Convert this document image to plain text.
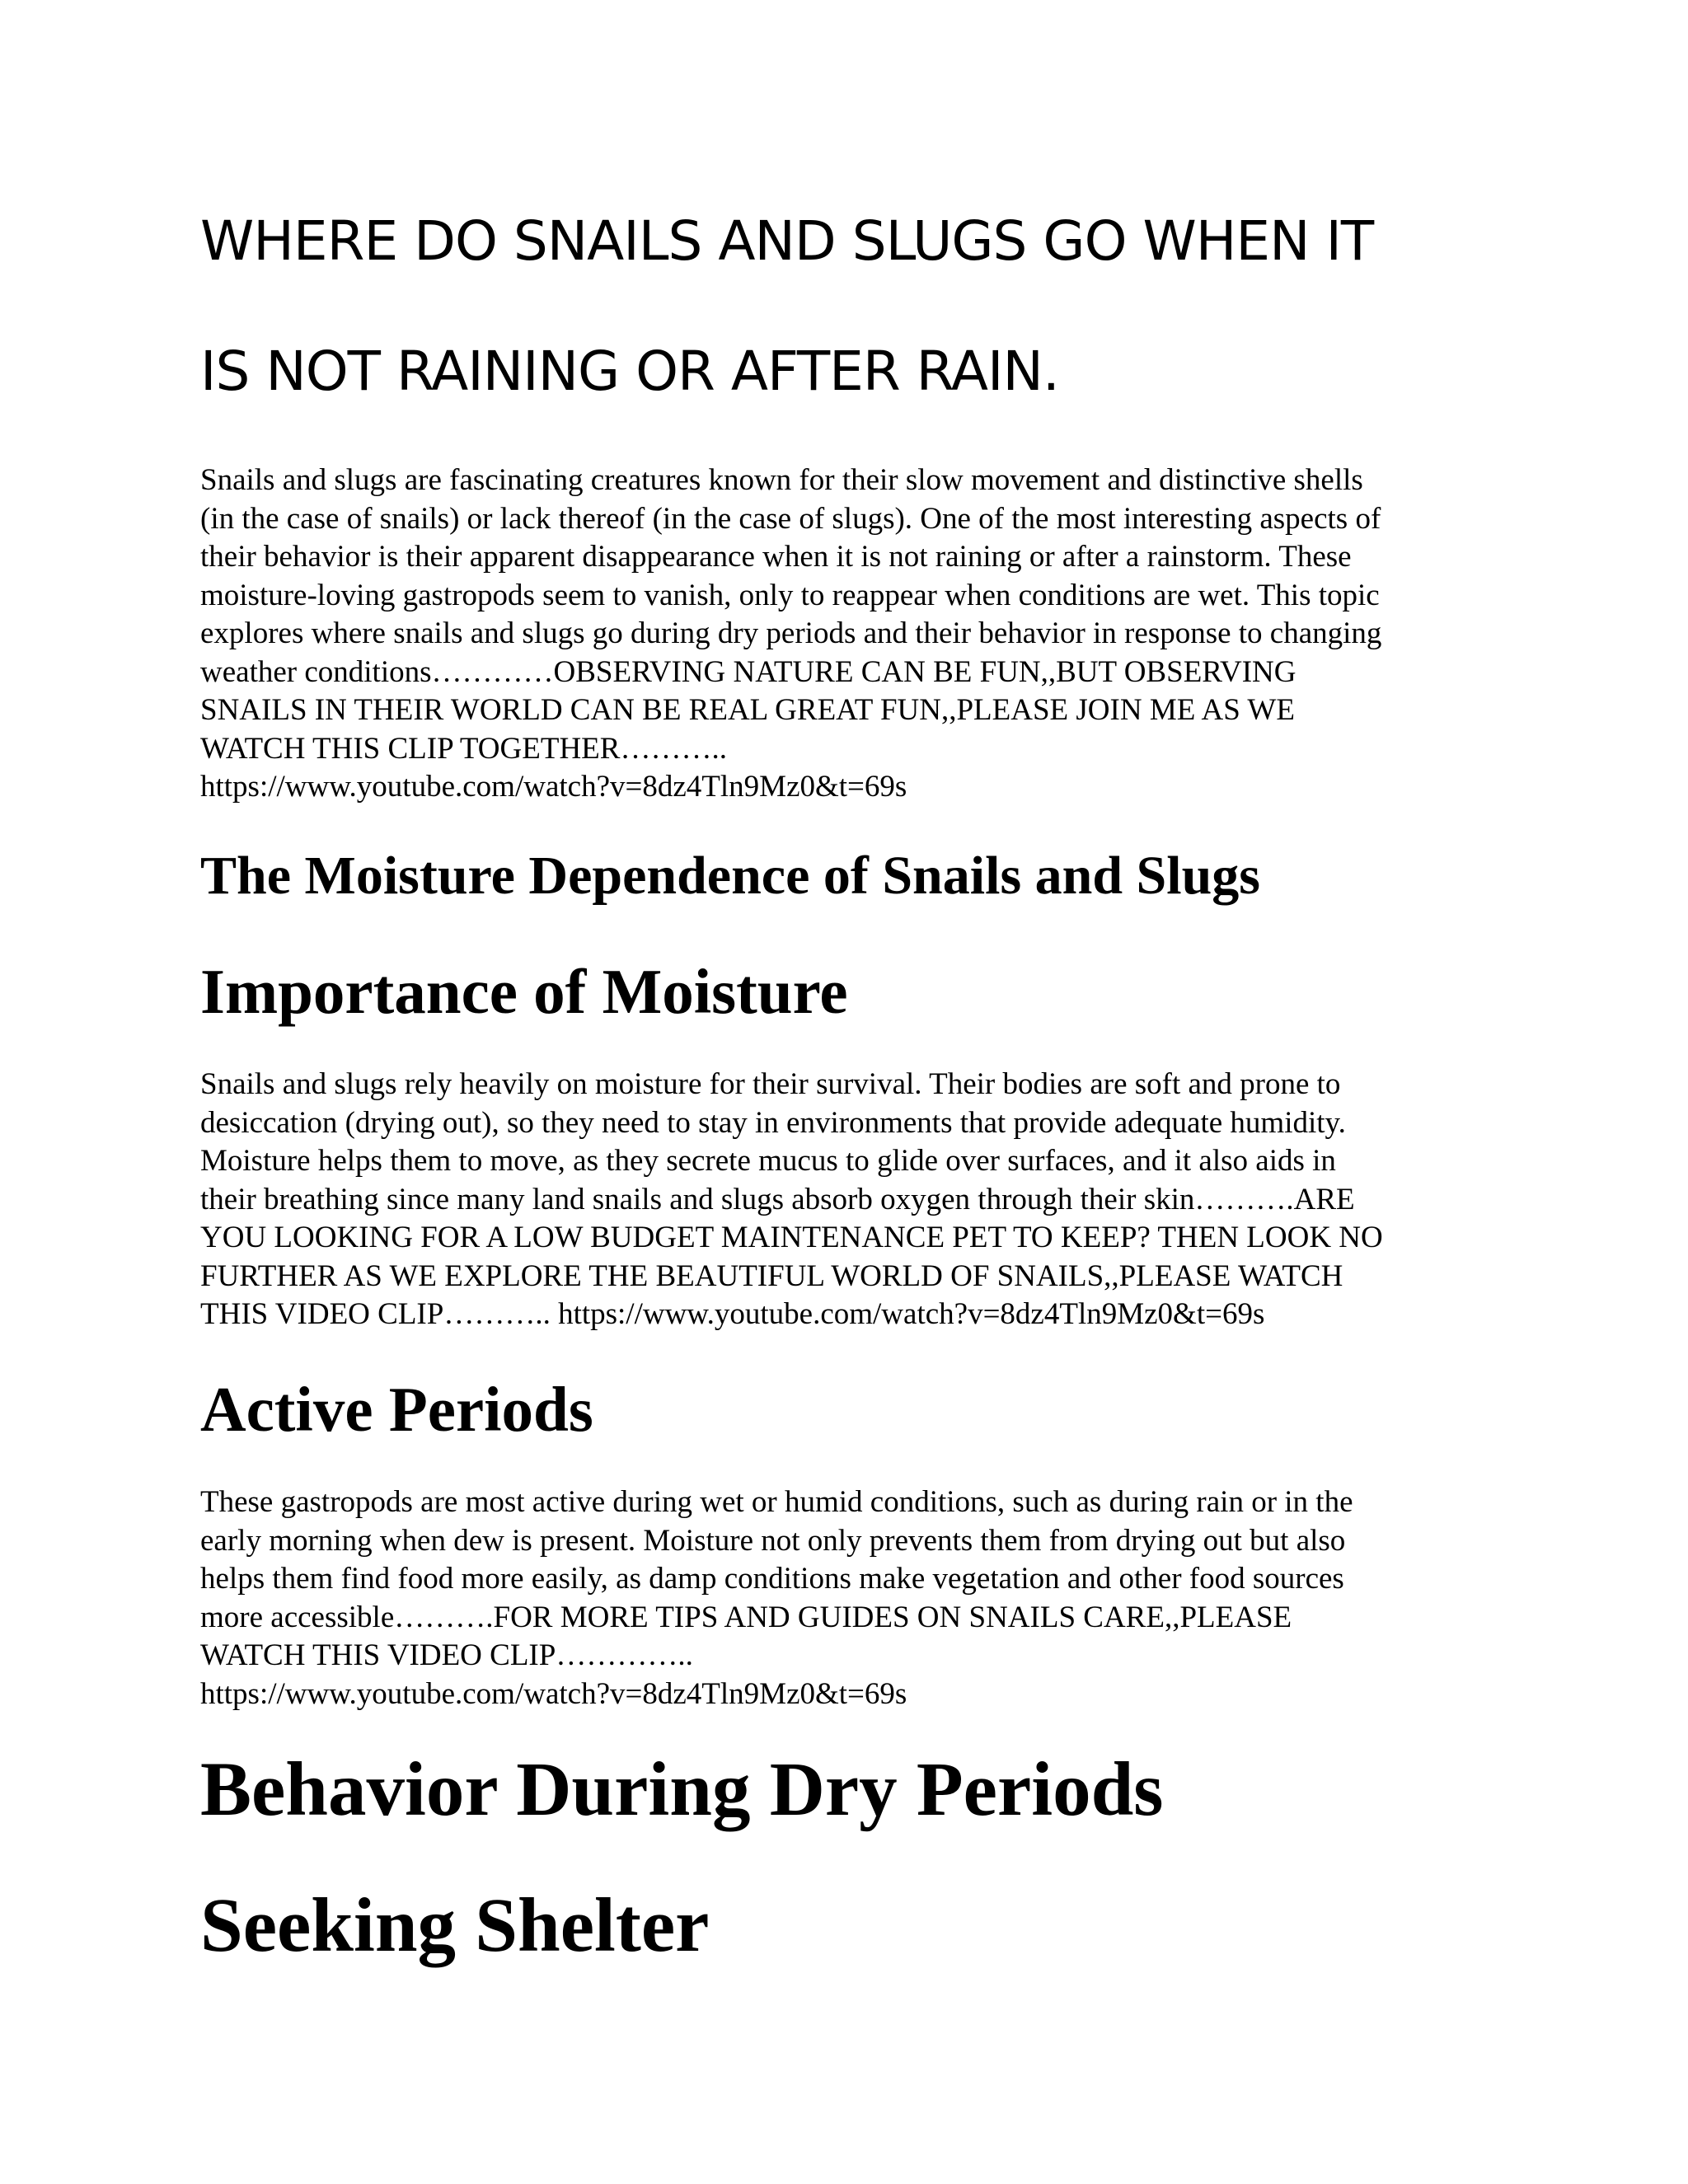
WHERE DO SNAILS AND SLUGS GO WHEN IT
IS NOT RAINING OR AFTER RAIN.

Snails and slugs are fascinating creatures known for their slow movement and distinctive shells
(in the case of snails) or lack thereof (in the case of slugs). One of the most interesting aspects of
their behavior is their apparent disappearance when it is not raining or after a rainstorm. These
moisture-loving gastropods seem to vanish, only to reappear when conditions are wet. This topic
explores where snails and slugs go during dry periods and their behavior in response to changing
weather conditions…………OBSERVING NATURE CAN BE FUN,,BUT OBSERVING
SNAILS IN THEIR WORLD CAN BE REAL GREAT FUN,,PLEASE JOIN ME AS WE
WATCH THIS CLIP TOGETHER………..
https://www.youtube.com/watch?v=8dz4Tln9Mz0&t=69s

The Moisture Dependence of Snails and Slugs
Importance of Moisture

Snails and slugs rely heavily on moisture for their survival. Their bodies are soft and prone to
desiccation (drying out), so they need to stay in environments that provide adequate humidity.
Moisture helps them to move, as they secrete mucus to glide over surfaces, and it also aids in
their breathing since many land snails and slugs absorb oxygen through their skin……….ARE
YOU LOOKING FOR A LOW BUDGET MAINTENANCE PET TO KEEP? THEN LOOK NO
FURTHER AS WE EXPLORE THE BEAUTIFUL WORLD OF SNAILS,,PLEASE WATCH
THIS VIDEO CLIP……….. https://www.youtube.com/watch?v=8dz4Tln9Mz0&t=69s

Active Periods

These gastropods are most active during wet or humid conditions, such as during rain or in the
early morning when dew is present. Moisture not only prevents them from drying out but also
helps them find food more easily, as damp conditions make vegetation and other food sources
more accessible……….FOR MORE TIPS AND GUIDES ON SNAILS CARE,,PLEASE
WATCH THIS VIDEO CLIP…………..
https://www.youtube.com/watch?v=8dz4Tln9Mz0&t=69s

Behavior During Dry Periods
Seeking Shelter
